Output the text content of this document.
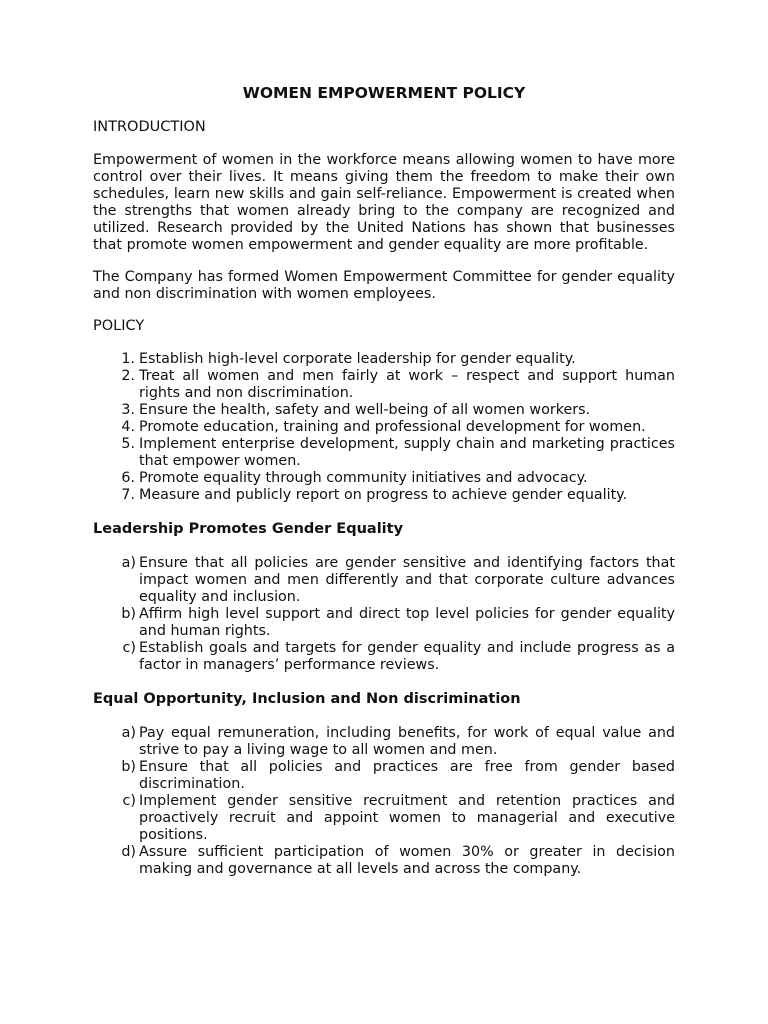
WOMEN EMPOWERMENT POLICY
INTRODUCTION

Empowerment of women in the workforce means allowing women to have more control over their lives. It means giving them the freedom to make their own schedules, learn new skills and gain self-reliance. Empowerment is created when the strengths that women already bring to the company are recognized and utilized. Research provided by the United Nations has shown that businesses that promote women empowerment and gender equality are more profitable.

The Company has formed Women Empowerment Committee for gender equality and non discrimination with women employees.

POLICY
1. Establish high-level corporate leadership for gender equality.
2. Treat all women and men fairly at work – respect and support human rights and non discrimination.
3. Ensure the health, safety and well-being of all women workers.
4. Promote education, training and professional development for women.
5. Implement enterprise development, supply chain and marketing practices that empower women.
6. Promote equality through community initiatives and advocacy.
7. Measure and publicly report on progress to achieve gender equality.
Leadership Promotes Gender Equality
a) Ensure that all policies are gender sensitive and identifying factors that impact women and men differently and that corporate culture advances equality and inclusion.
b) Affirm high level support and direct top level policies for gender equality and human rights.
c) Establish goals and targets for gender equality and include progress as a factor in managers’ performance reviews.
Equal Opportunity, Inclusion and Non discrimination
a) Pay equal remuneration, including benefits, for work of equal value and strive to pay a living wage to all women and men.
b) Ensure that all policies and practices are free from gender based discrimination.
c) Implement gender sensitive recruitment and retention practices and proactively recruit and appoint women to managerial and executive positions.
d) Assure sufficient participation of women 30% or greater in decision making and governance at all levels and across the company.
